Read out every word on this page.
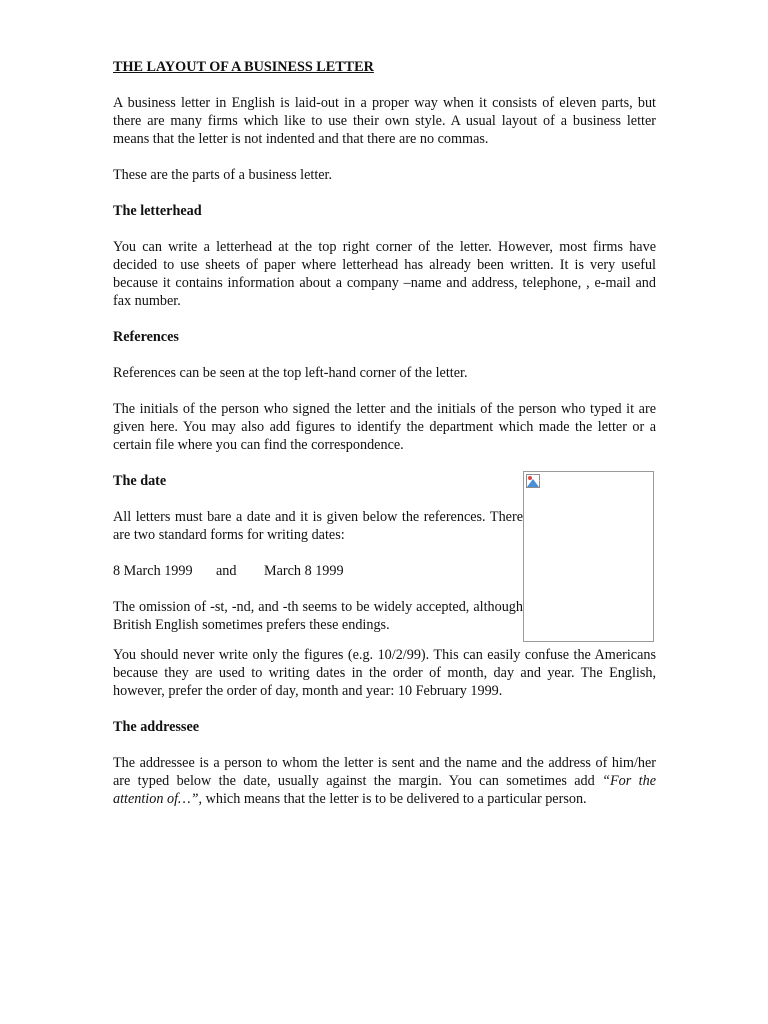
THE LAYOUT OF A BUSINESS LETTER

A business letter in English is laid-out in a proper way when it consists of eleven parts, but there are many firms which like to use their own style. A usual layout of a business letter means that the letter is not indented and that there are no commas.

These are the parts of a business letter.

The letterhead

You can write a letterhead at the top right corner of the letter. However, most firms have decided to use sheets of paper where letterhead has already been written. It is very useful because it contains information about a company –name and address, telephone, , e-mail and fax number.

References

References can be seen at the top left-hand corner of the letter.

The initials of the person who signed the letter and the initials of the person who typed it are given here. You may also add figures to identify the department which made the letter or a certain file where you can find the correspondence.

The date

All letters must bare a date and it is given below the references. There are two standard forms for writing dates:

8 March 1999 and March 8 1999

The omission of -st, -nd, and -th seems to be widely accepted, although British English sometimes prefers these endings.

You should never write only the figures (e.g. 10/2/99). This can easily confuse the Americans because they are used to writing dates in the order of month, day and year. The English, however, prefer the order of day, month and year: 10 February 1999.

The addressee

The addressee is a person to whom the letter is sent and the name and the address of him/her are typed below the date, usually against the margin. You can sometimes add “For the attention of…”, which means that the letter is to be delivered to a particular person.
